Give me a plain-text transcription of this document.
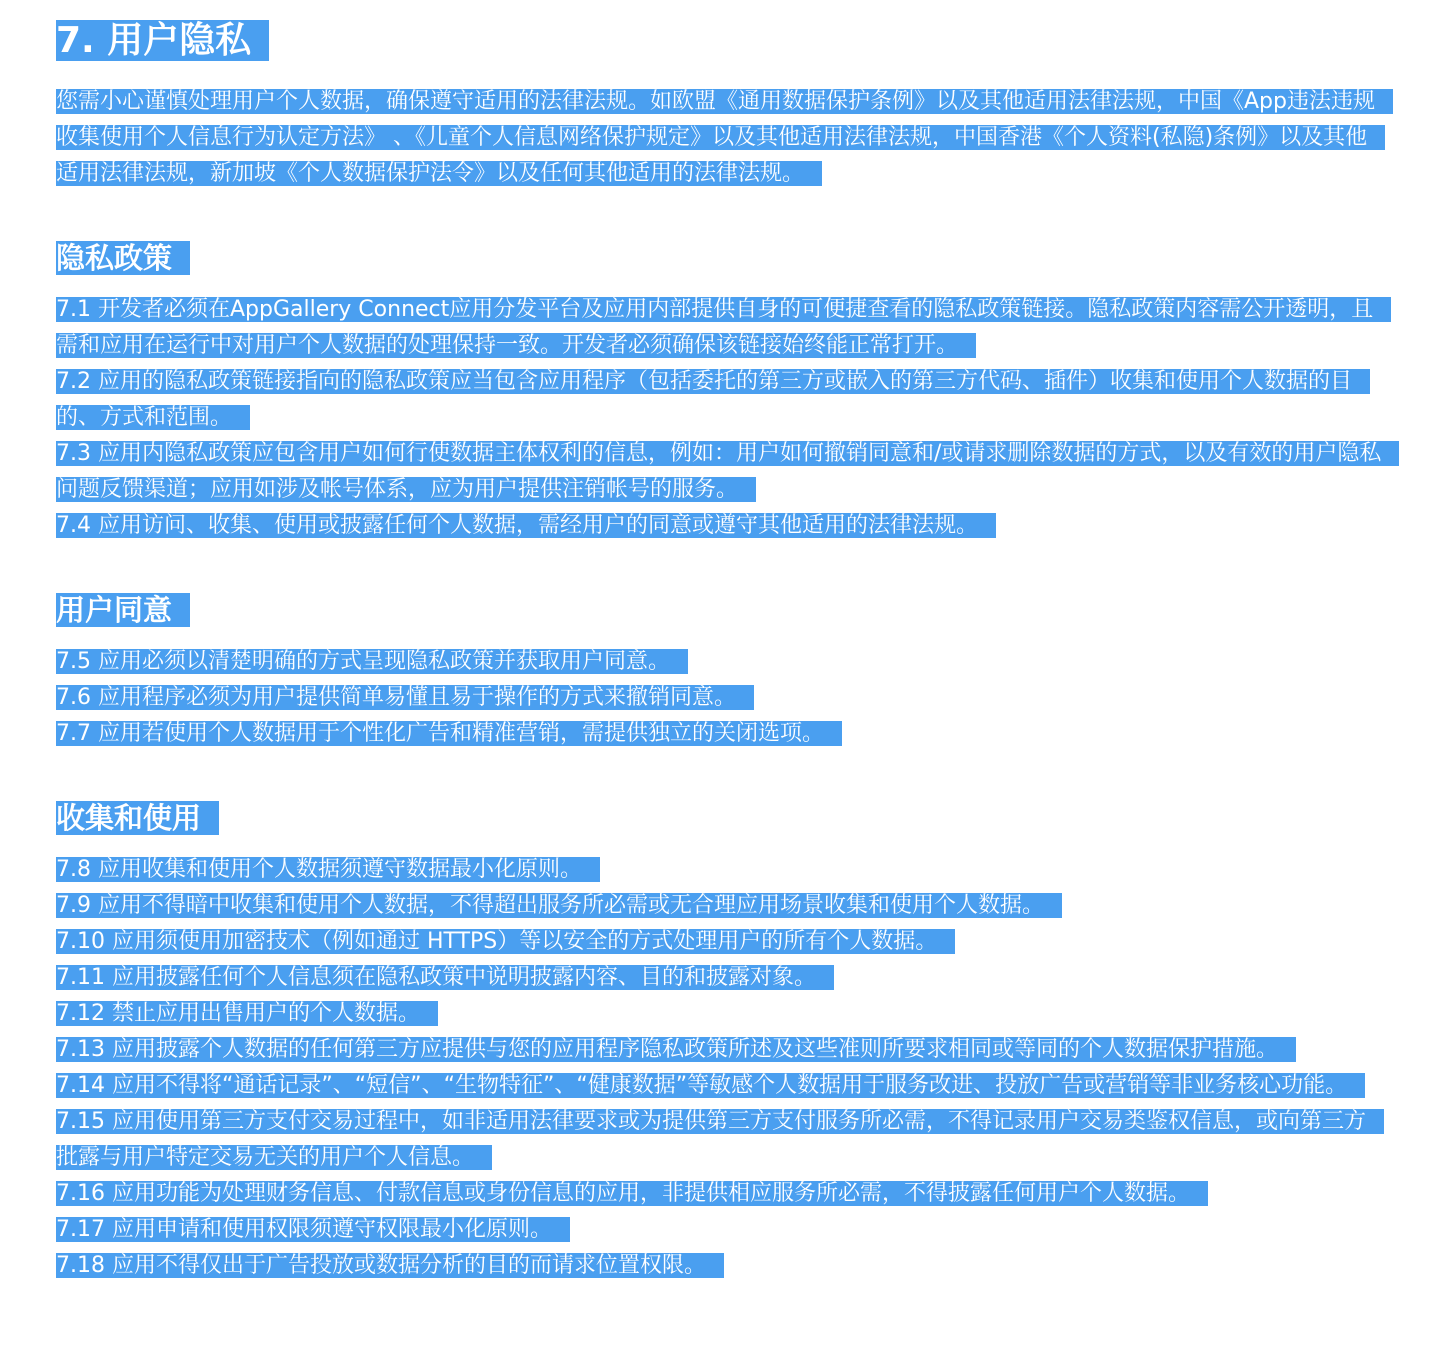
7. 用户隐私

您需小心谨慎处理用户个人数据，确保遵守适用的法律法规。如欧盟《通用数据保护条例》以及其他适用法律法规，中国《App违法违规收集使用个人信息行为认定方法》 、《儿童个人信息网络保护规定》以及其他适用法律法规，中国香港《个人资料(私隐)条例》以及其他适用法律法规，新加坡《个人数据保护法令》以及任何其他适用的法律法规。

隐私政策

7.1 开发者必须在AppGallery Connect应用分发平台及应用内部提供自身的可便捷查看的隐私政策链接。隐私政策内容需公开透明，且需和应用在运行中对用户个人数据的处理保持一致。开发者必须确保该链接始终能正常打开。

7.2 应用的隐私政策链接指向的隐私政策应当包含应用程序（包括委托的第三方或嵌入的第三方代码、插件）收集和使用个人数据的目的、方式和范围。

7.3 应用内隐私政策应包含用户如何行使数据主体权利的信息，例如：用户如何撤销同意和/或请求删除数据的方式，以及有效的用户隐私问题反馈渠道；应用如涉及帐号体系，应为用户提供注销帐号的服务。

7.4 应用访问、收集、使用或披露任何个人数据，需经用户的同意或遵守其他适用的法律法规。

用户同意

7.5 应用必须以清楚明确的方式呈现隐私政策并获取用户同意。

7.6 应用程序必须为用户提供简单易懂且易于操作的方式来撤销同意。

7.7 应用若使用个人数据用于个性化广告和精准营销，需提供独立的关闭选项。

收集和使用

7.8 应用收集和使用个人数据须遵守数据最小化原则。

7.9 应用不得暗中收集和使用个人数据，不得超出服务所必需或无合理应用场景收集和使用个人数据。

7.10 应用须使用加密技术（例如通过 HTTPS）等以安全的方式处理用户的所有个人数据。

7.11 应用披露任何个人信息须在隐私政策中说明披露内容、目的和披露对象。

7.12 禁止应用出售用户的个人数据。

7.13 应用披露个人数据的任何第三方应提供与您的应用程序隐私政策所述及这些准则所要求相同或等同的个人数据保护措施。

7.14 应用不得将“通话记录”、“短信”、“生物特征”、“健康数据”等敏感个人数据用于服务改进、投放广告或营销等非业务核心功能。

7.15 应用使用第三方支付交易过程中，如非适用法律要求或为提供第三方支付服务所必需，不得记录用户交易类鉴权信息，或向第三方批露与用户特定交易无关的用户个人信息。

7.16 应用功能为处理财务信息、付款信息或身份信息的应用，非提供相应服务所必需，不得披露任何用户个人数据。

7.17 应用申请和使用权限须遵守权限最小化原则。

7.18 应用不得仅出于广告投放或数据分析的目的而请求位置权限。
